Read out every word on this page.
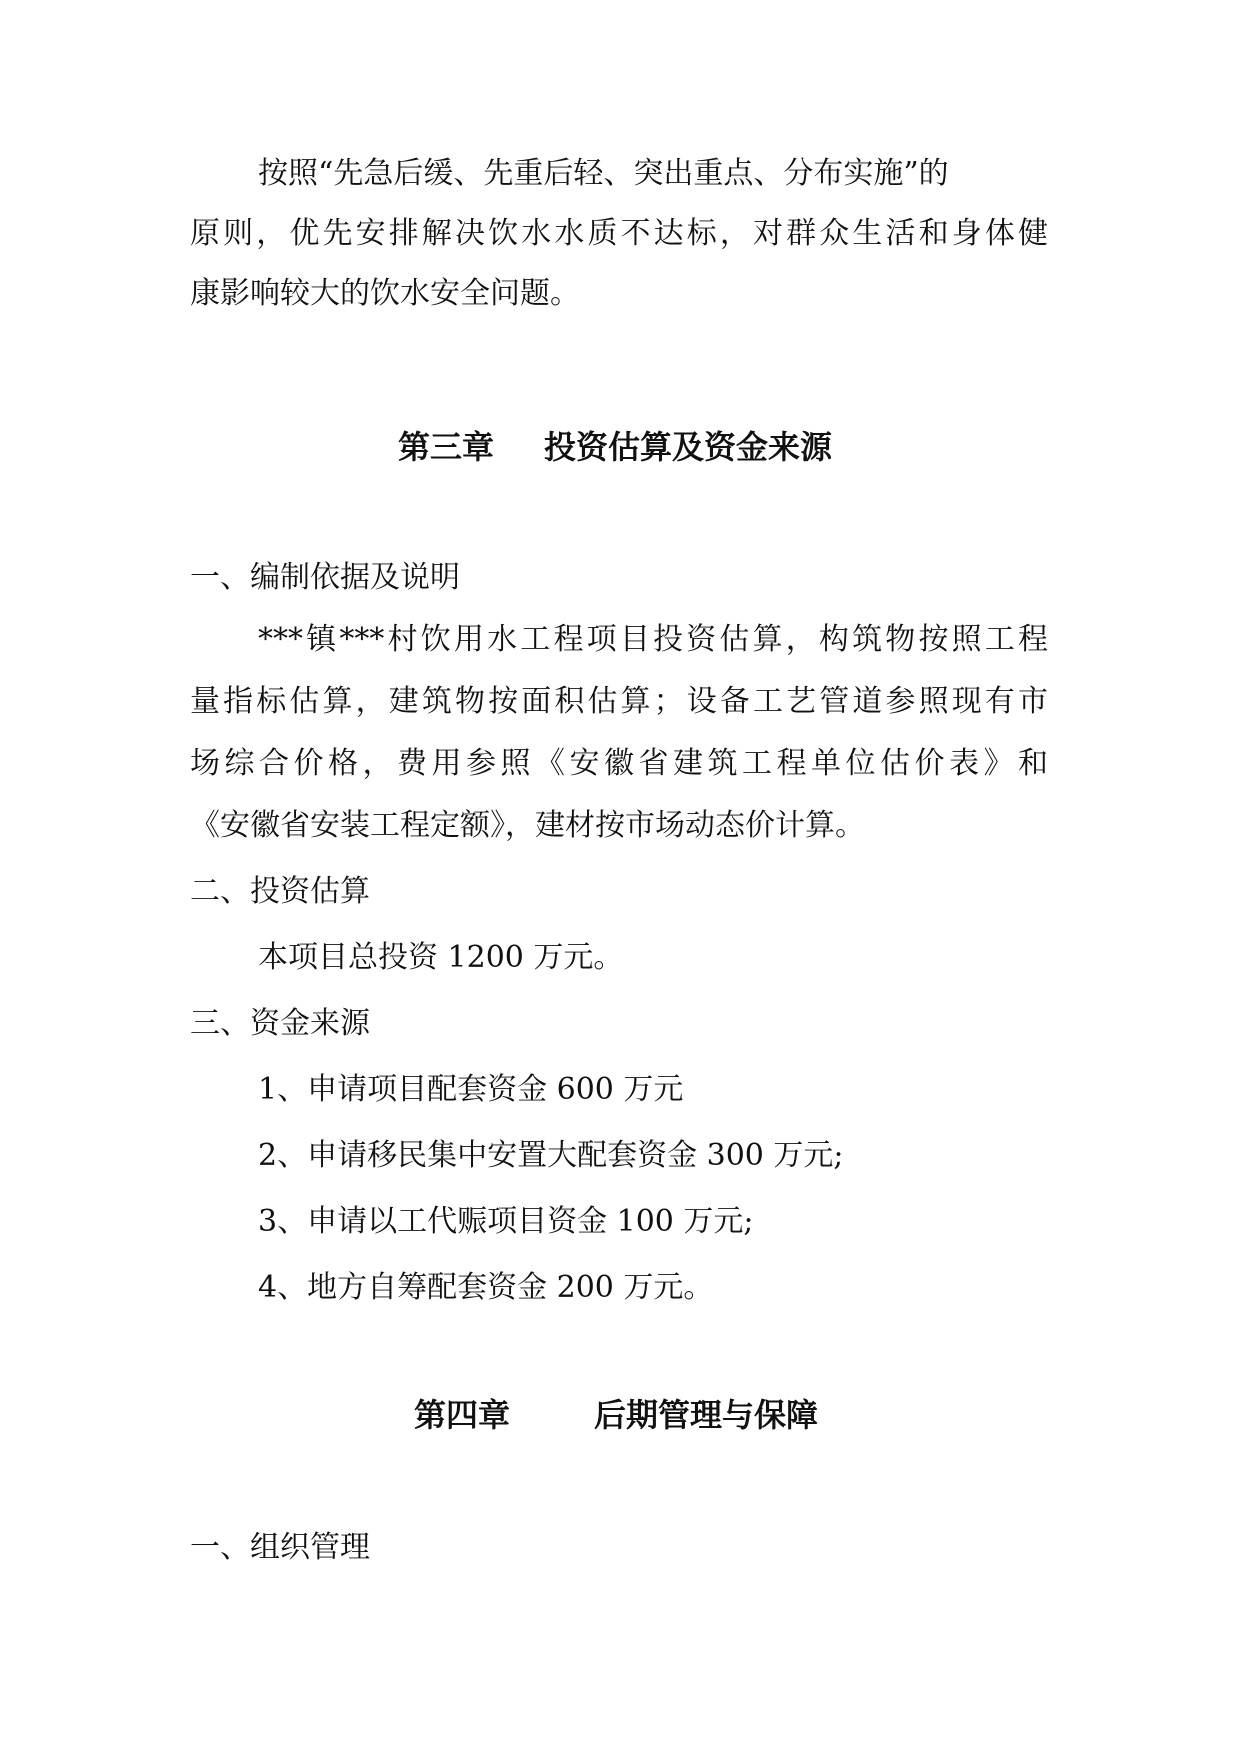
按照“先急后缓、先重后轻、突出重点、分布实施”的

原则，优先安排解决饮水水质不达标，对群众生活和身体健

康影响较大的饮水安全问题。

第三章 投资估算及资金来源

一、编制依据及说明

***镇***村饮用水工程项目投资估算，构筑物按照工程

量指标估算，建筑物按面积估算；设备工艺管道参照现有市

场综合价格，费用参照《安徽省建筑工程单位估价表》和

《安徽省安装工程定额》，建材按市场动态价计算。

二、投资估算

本项目总投资 1200 万元。

三、资金来源

1、申请项目配套资金 600 万元

2、申请移民集中安置大配套资金 300 万元;

3、申请以工代赈项目资金 100 万元;

4、地方自筹配套资金 200 万元。

第四章	后期管理与保障

一、组织管理
